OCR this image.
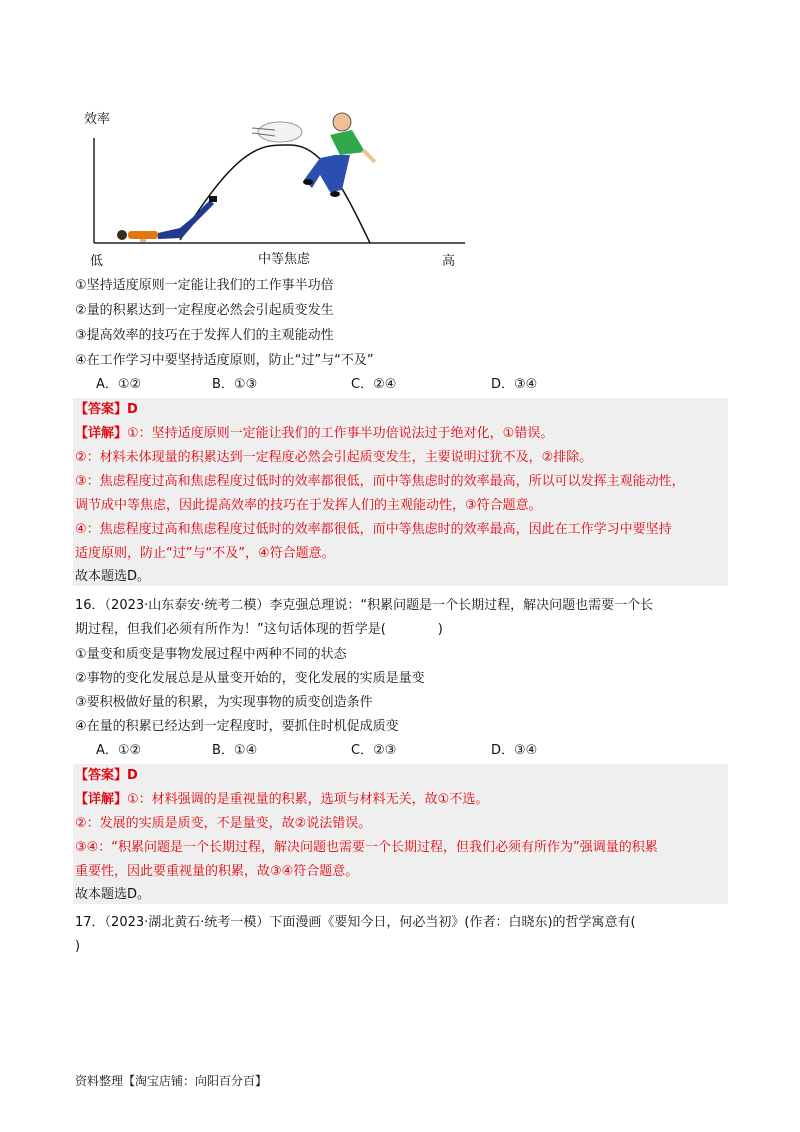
效率
低	中等焦虑	高
①坚持适度原则一定能让我们的工作事半功倍
②量的积累达到一定程度必然会引起质变发生
③提高效率的技巧在于发挥人们的主观能动性
④在工作学习中要坚持适度原则，防止“过”与“不及”
A．①②	B．①③	C．②④	D．③④
【答案】D
【详解】①：坚持适度原则一定能让我们的工作事半功倍说法过于绝对化，①错误。
②：材料未体现量的积累达到一定程度必然会引起质变发生，主要说明过犹不及，②排除。
③：焦虑程度过高和焦虑程度过低时的效率都很低，而中等焦虑时的效率最高，所以可以发挥主观能动性，
调节成中等焦虑，因此提高效率的技巧在于发挥人们的主观能动性，③符合题意。
④：焦虑程度过高和焦虑程度过低时的效率都很低，而中等焦虑时的效率最高，因此在工作学习中要坚持
适度原则，防止“过”与“不及”，④符合题意。
故本题选D。
16．（2023·山东泰安·统考二模）李克强总理说：“积累问题是一个长期过程，解决问题也需要一个长
期过程，但我们必须有所作为！”这句话体现的哲学是(　　　　)
①量变和质变是事物发展过程中两种不同的状态
②事物的变化发展总是从量变开始的，变化发展的实质是量变
③要积极做好量的积累，为实现事物的质变创造条件
④在量的积累已经达到一定程度时，要抓住时机促成质变
A．①②	B．①④	C．②③	D．③④
【答案】D
【详解】①：材料强调的是重视量的积累，选项与材料无关，故①不选。
②：发展的实质是质变，不是量变，故②说法错误。
③④：“积累问题是一个长期过程，解决问题也需要一个长期过程，但我们必须有所作为”强调量的积累
重要性，因此要重视量的积累，故③④符合题意。
故本题选D。
17．（2023·湖北黄石·统考一模）下面漫画《要知今日，何必当初》(作者：白晓东)的哲学寓意有(
)
资料整理【淘宝店铺：向阳百分百】
